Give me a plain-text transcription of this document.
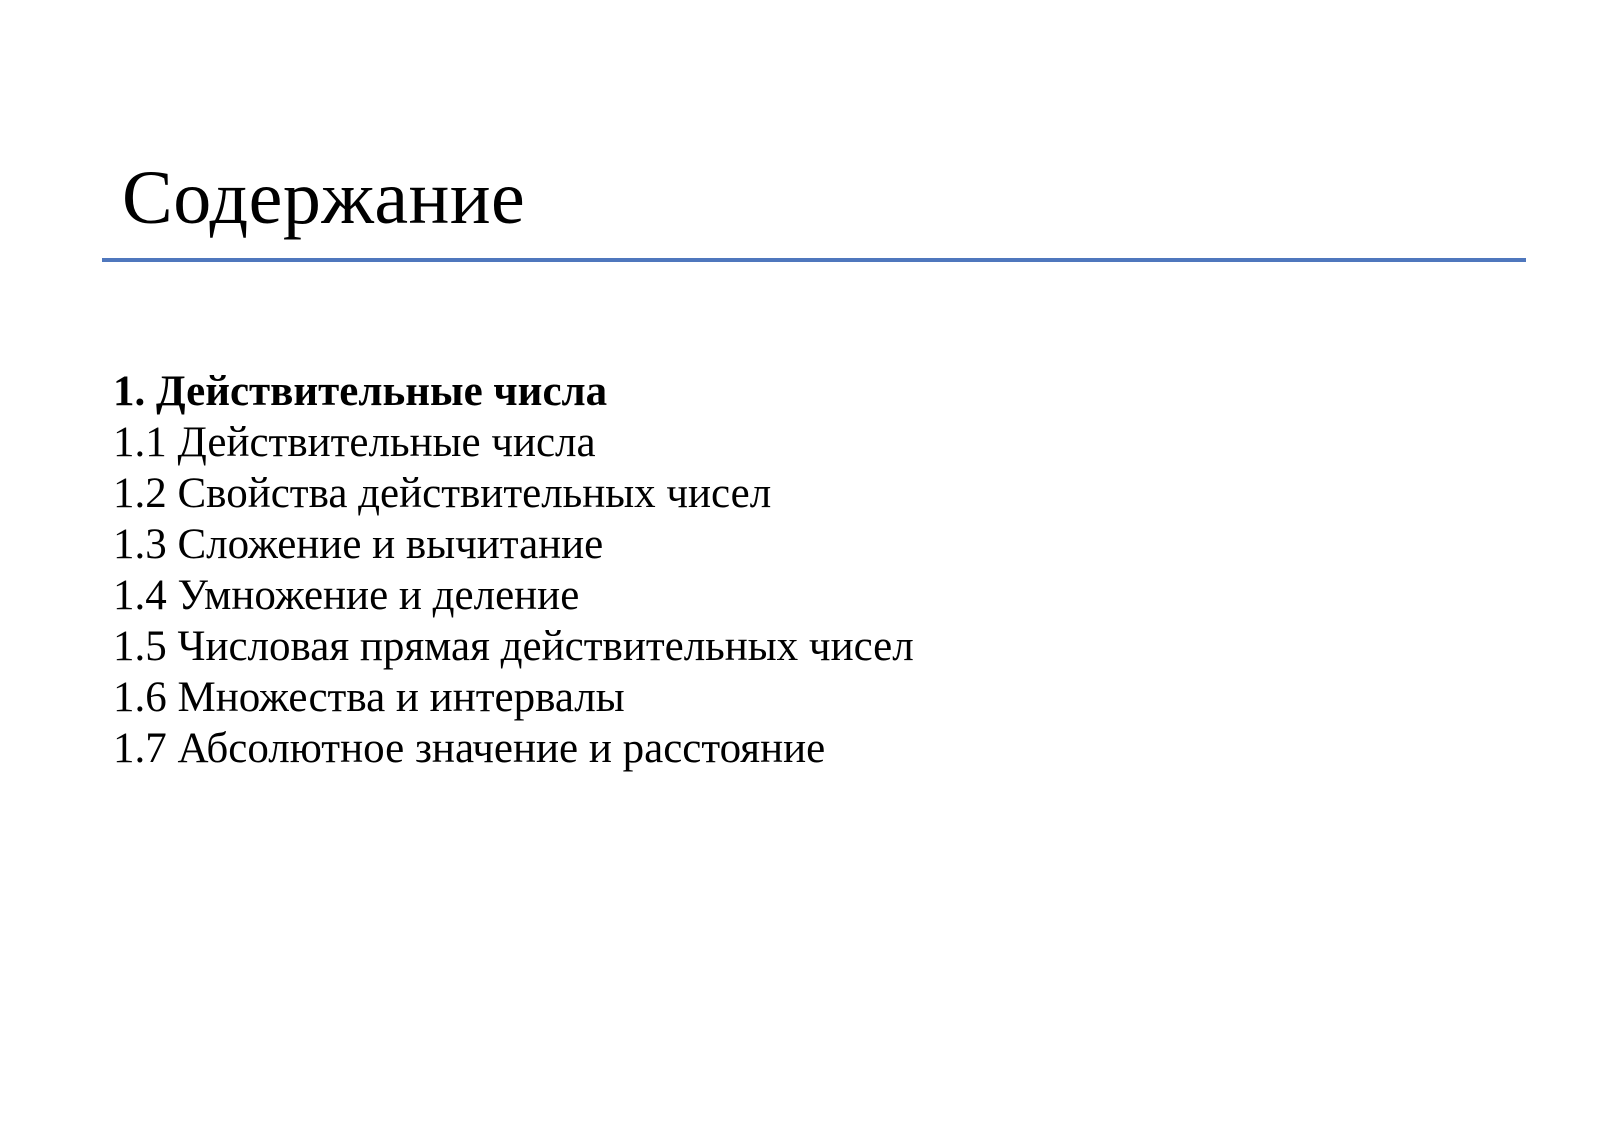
Содержание
1. Действительные числа
1.1 Действительные числа
1.2 Свойства действительных чисел
1.3 Сложение и вычитание
1.4 Умножение и деление
1.5 Числовая прямая действительных чисел
1.6 Множества и интервалы
1.7 Абсолютное значение и расстояние
